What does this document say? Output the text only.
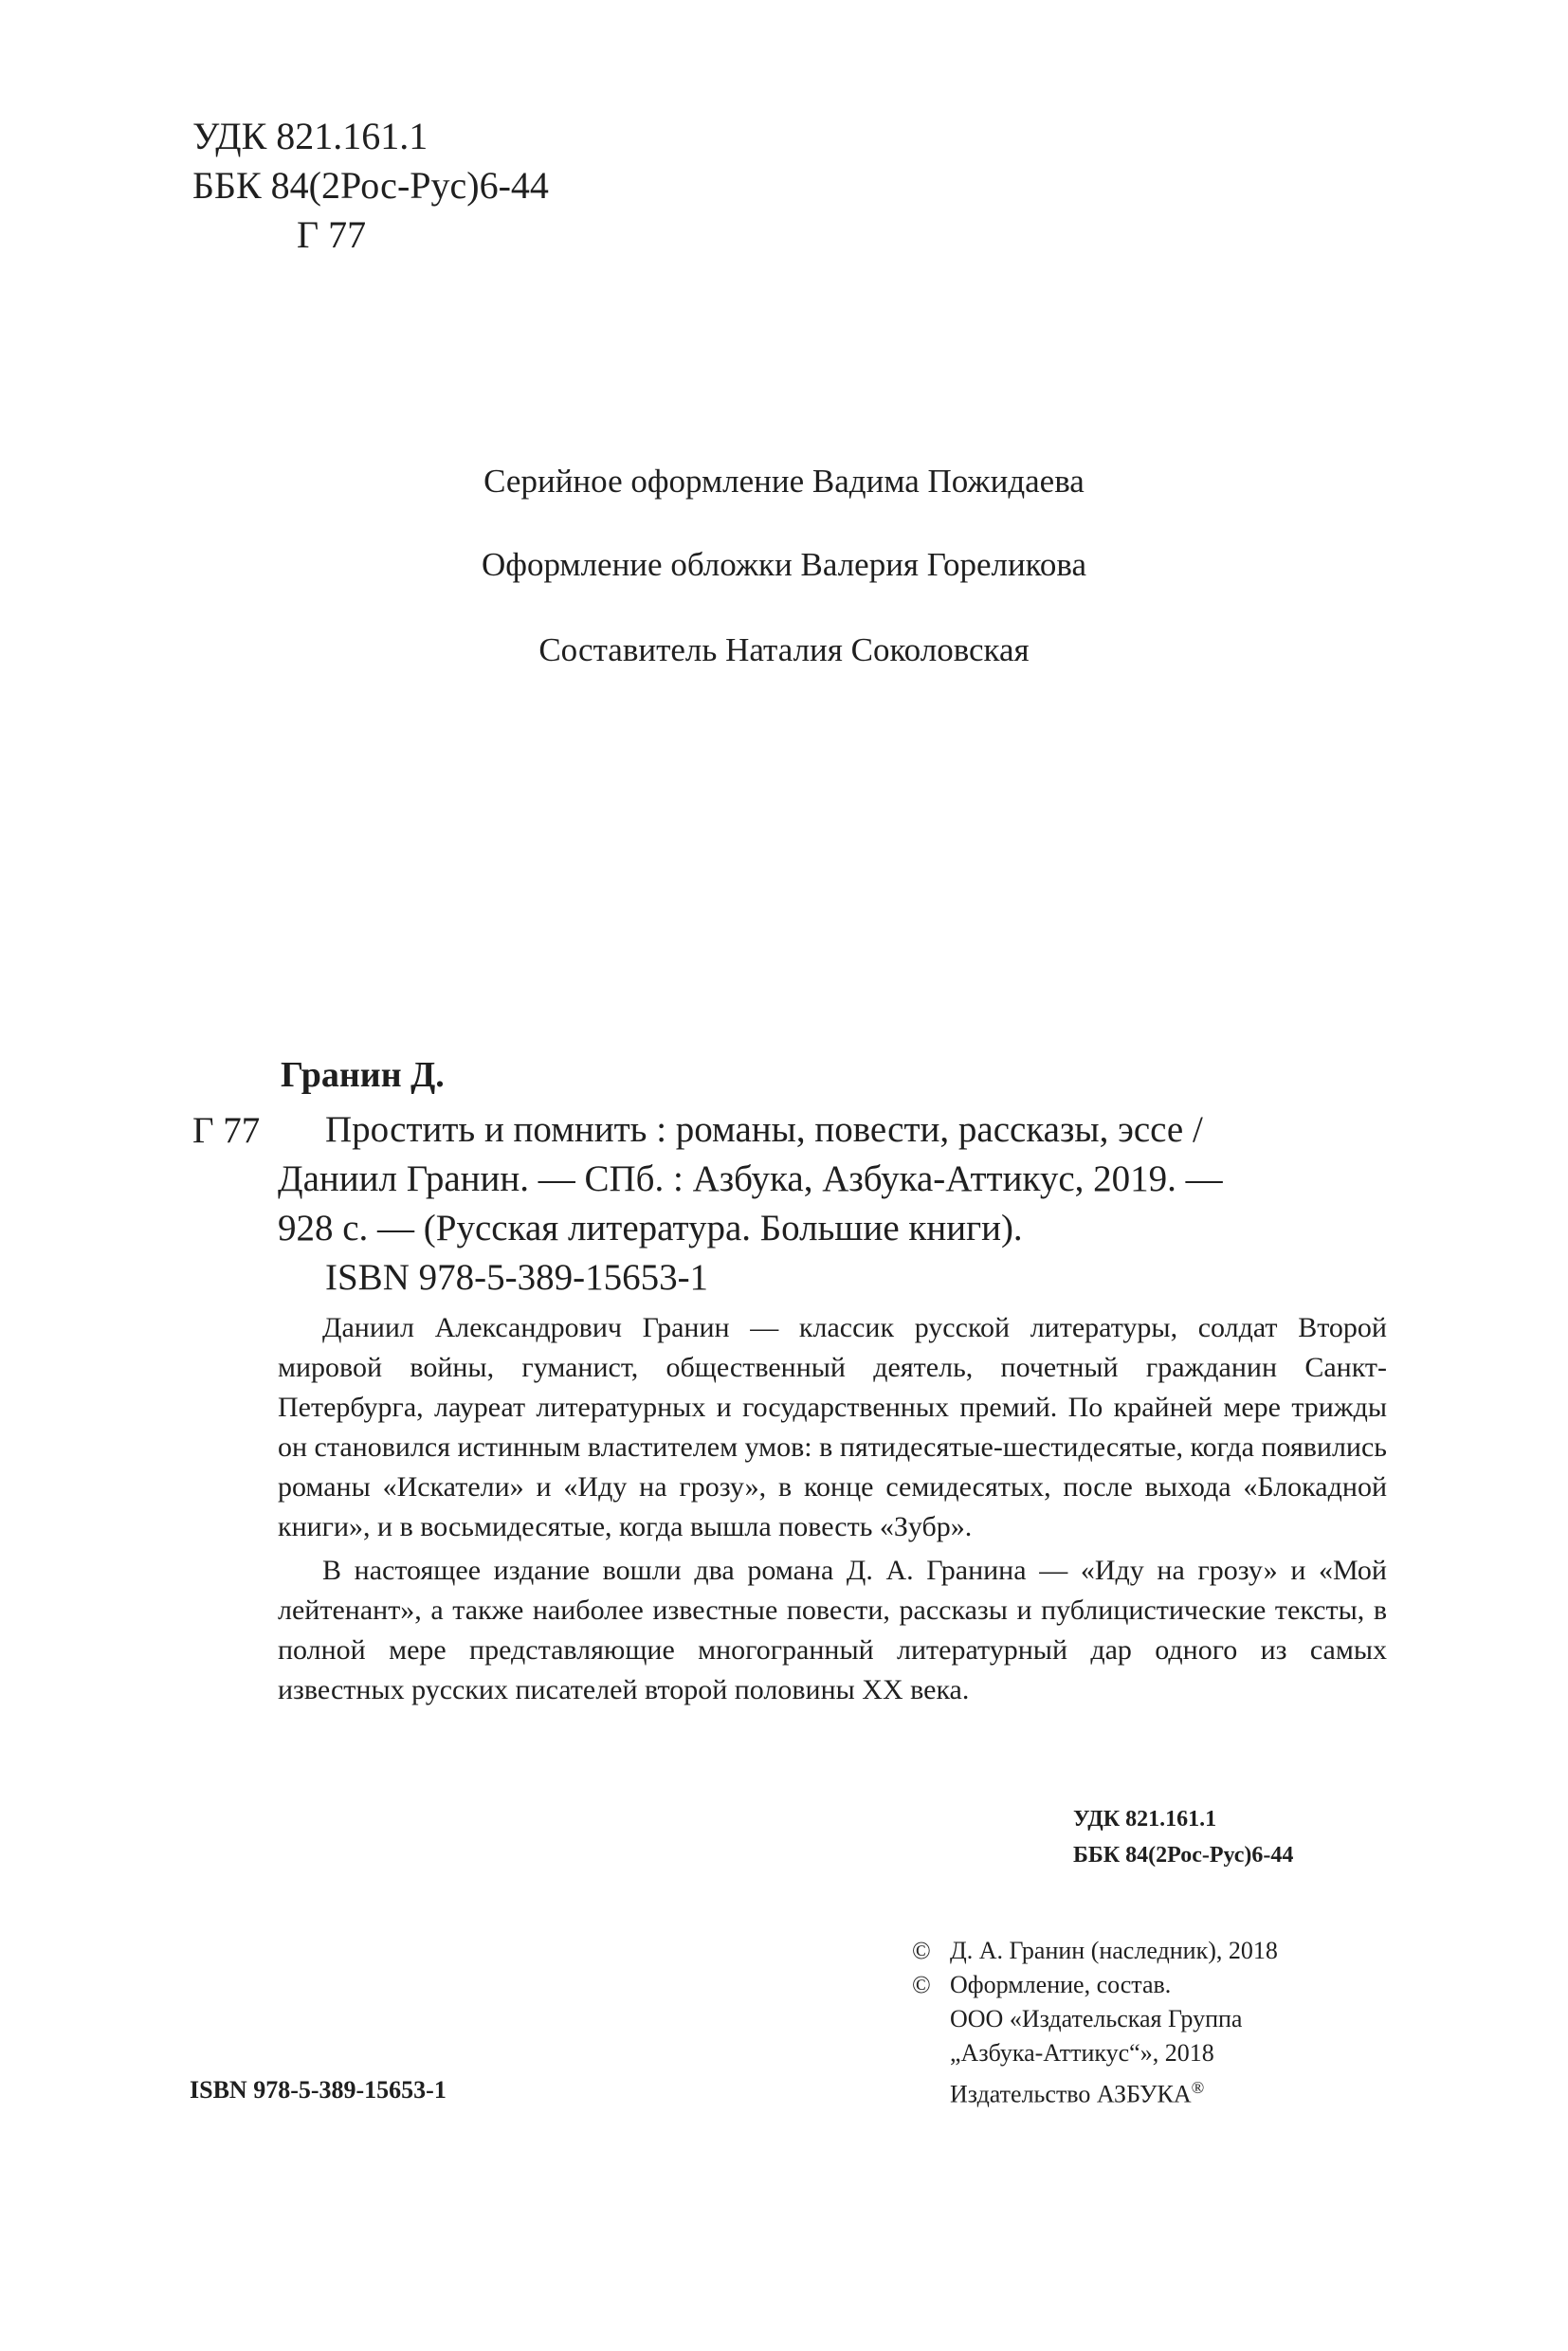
УДК 821.161.1
ББК 84(2Рос-Рус)6-44
Г 77
Серийное оформление Вадима Пожидаева
Оформление обложки Валерия Гореликова
Составитель Наталия Соколовская
Гранин Д.
Г 77 Простить и помнить : романы, повести, рассказы, эссе /
Даниил Гранин. — СПб. : Азбука, Азбука-Аттикус, 2019. —
928 с. — (Русская литература. Большие книги).
ISBN 978-5-389-15653-1

Даниил Александрович Гранин — классик русской литературы, солдат Второй мировой войны, гуманист, общественный деятель, почетный гражданин Санкт-Петербурга, лауреат литературных и государственных премий. По крайней мере трижды он становился истинным властителем умов: в пятидесятые-шестидесятые, когда появились романы «Искатели» и «Иду на грозу», в конце семидесятых, после выхода «Блокадной книги», и в восьмидесятые, когда вышла повесть «Зубр».

В настоящее издание вошли два романа Д. А. Гранина — «Иду на грозу» и «Мой лейтенант», а также наиболее известные повести, рассказы и публицистические тексты, в полной мере представляющие многогранный литературный дар одного из самых известных русских писателей второй половины XX века.

УДК 821.161.1
ББК 84(2Рос-Рус)6-44
ISBN 978-5-389-15653-1
© Д. А. Гранин (наследник), 2018
© Оформление, состав.
ООО «Издательская Группа
„Азбука-Аттикус“», 2018
Издательство АЗБУКА®
